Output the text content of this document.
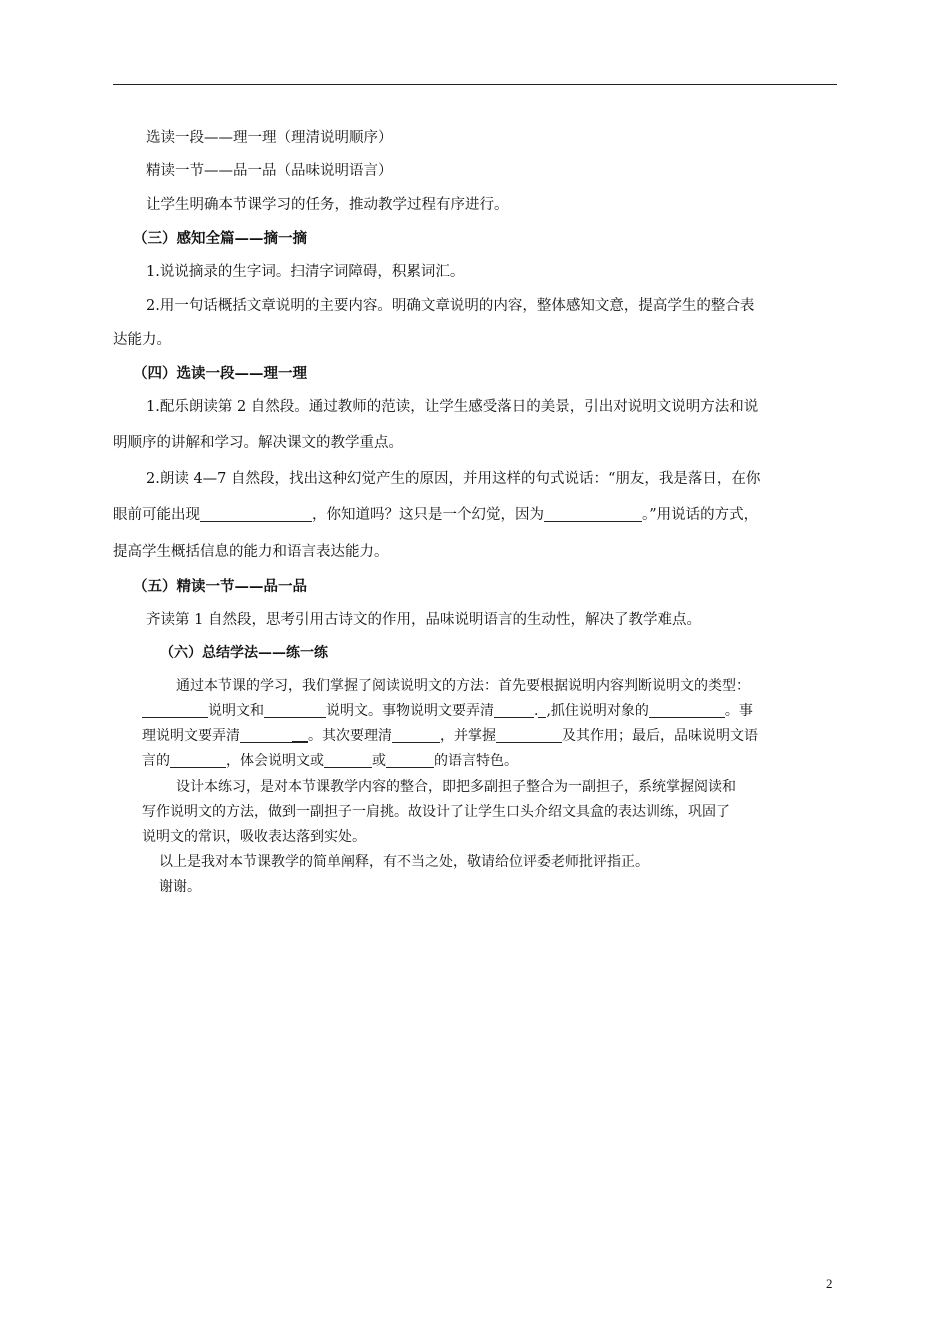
选读一段——理一理（理清说明顺序）
精读一节——品一品（品味说明语言）
让学生明确本节课学习的任务，推动教学过程有序进行。
（三）感知全篇——摘一摘
1.说说摘录的生字词。扫清字词障碍，积累词汇。
2.用一句话概括文章说明的主要内容。明确文章说明的内容，整体感知文意，提高学生的整合表
达能力。
（四）选读一段——理一理
1.配乐朗读第 2 自然段。通过教师的范读，让学生感受落日的美景，引出对说明文说明方法和说
明顺序的讲解和学习。解决课文的教学重点。
2.朗读 4—7 自然段，找出这种幻觉产生的原因，并用这样的句式说话：“朋友，我是落日，在你
眼前可能出现	，你知道吗？这只是一个幻觉，因为	。”用说话的方式，
提高学生概括信息的能力和语言表达能力。
（五）精读一节——品一品
齐读第 1 自然段，思考引用古诗文的作用，品味说明语言的生动性，解决了教学难点。
（六）总结学法——练一练
通过本节课的学习，我们掌握了阅读说明文的方法：首先要根据说明内容判断说明文的类型：
说明文和	说明文。事物说明文要弄清	. ,抓住说明对象的	。事
理说明文要弄清	。其次要理清	，并掌握	及其作用；最后，品味说明文语
言的	，体会说明文或	或	的语言特色。
设计本练习，是对本节课教学内容的整合，即把多副担子整合为一副担子，系统掌握阅读和
写作说明文的方法，做到一副担子一肩挑。故设计了让学生口头介绍文具盒的表达训练，巩固了
说明文的常识，吸收表达落到实处。
以上是我对本节课教学的简单阐释，有不当之处，敬请给位评委老师批评指正。
谢谢。
2
